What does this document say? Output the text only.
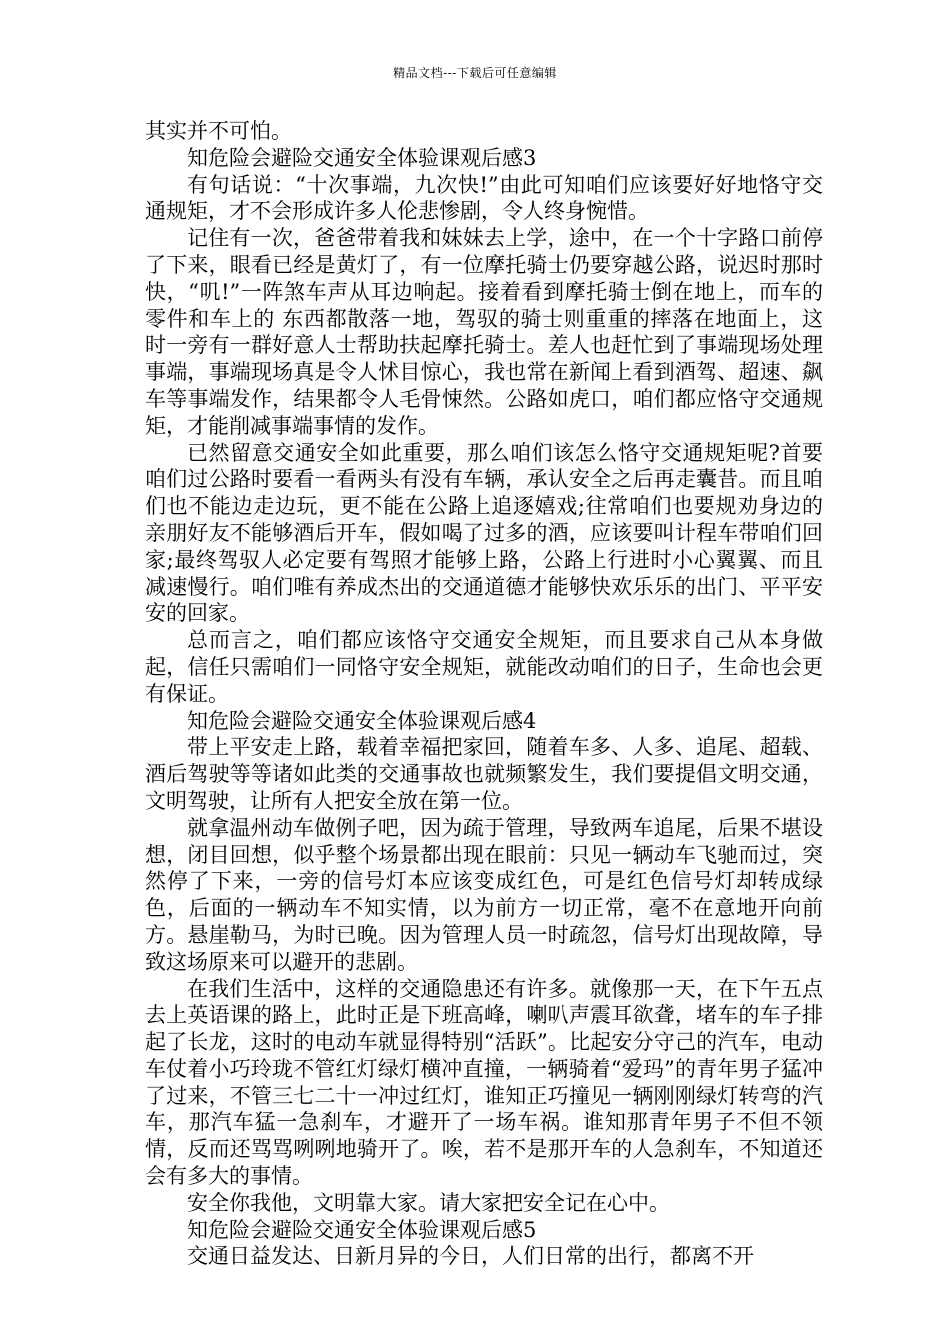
精品文档---下载后可任意编辑

其实并不可怕。

知危险会避险交通安全体验课观后感3

有句话说：“十次事端，九次快!”由此可知咱们应该要好好地恪守交通规矩，才不会形成许多人伦悲惨剧，令人终身惋惜。

记住有一次，爸爸带着我和妹妹去上学，途中，在一个十字路口前停了下来，眼看已经是黄灯了，有一位摩托骑士仍要穿越公路，说迟时那时快，“叽!”一阵煞车声从耳边响起。接着看到摩托骑士倒在地上，而车的零件和车上的 东西都散落一地，驾驭的骑士则重重的摔落在地面上，这时一旁有一群好意人士帮助扶起摩托骑士。差人也赶忙到了事端现场处理事端，事端现场真是令人怵目惊心，我也常在新闻上看到酒驾、超速、飙车等事端发作，结果都令人毛骨悚然。公路如虎口，咱们都应恪守交通规矩，才能削减事端事情的发作。

已然留意交通安全如此重要，那么咱们该怎么恪守交通规矩呢?首要咱们过公路时要看一看两头有没有车辆，承认安全之后再走囊昔。而且咱们也不能边走边玩，更不能在公路上追逐嬉戏;往常咱们也要规劝身边的亲朋好友不能够酒后开车，假如喝了过多的酒，应该要叫计程车带咱们回家;最终驾驭人必定要有驾照才能够上路，公路上行进时小心翼翼、而且减速慢行。咱们唯有养成杰出的交通道德才能够快欢乐乐的出门、平平安安的回家。

总而言之，咱们都应该恪守交通安全规矩，而且要求自己从本身做起，信任只需咱们一同恪守安全规矩，就能改动咱们的日子，生命也会更有保证。

知危险会避险交通安全体验课观后感4

带上平安走上路，载着幸福把家回，随着车多、人多、追尾、超载、酒后驾驶等等诸如此类的交通事故也就频繁发生，我们要提倡文明交通，文明驾驶，让所有人把安全放在第一位。

就拿温州动车做例子吧，因为疏于管理，导致两车追尾，后果不堪设想，闭目回想，似乎整个场景都出现在眼前：只见一辆动车飞驰而过，突然停了下来，一旁的信号灯本应该变成红色，可是红色信号灯却转成绿色，后面的一辆动车不知实情，以为前方一切正常，毫不在意地开向前方。悬崖勒马，为时已晚。因为管理人员一时疏忽，信号灯出现故障，导致这场原来可以避开的悲剧。

在我们生活中，这样的交通隐患还有许多。就像那一天，在下午五点去上英语课的路上，此时正是下班高峰，喇叭声震耳欲聋，堵车的车子排起了长龙，这时的电动车就显得特别“活跃”。比起安分守己的汽车，电动车仗着小巧玲珑不管红灯绿灯横冲直撞，一辆骑着“爱玛”的青年男子猛冲了过来，不管三七二十一冲过红灯，谁知正巧撞见一辆刚刚绿灯转弯的汽车，那汽车猛一急刹车，才避开了一场车祸。谁知那青年男子不但不领情，反而还骂骂咧咧地骑开了。唉，若不是那开车的人急刹车，不知道还会有多大的事情。

安全你我他，文明靠大家。请大家把安全记在心中。

知危险会避险交通安全体验课观后感5

交通日益发达、日新月异的今日，人们日常的出行，都离不开
